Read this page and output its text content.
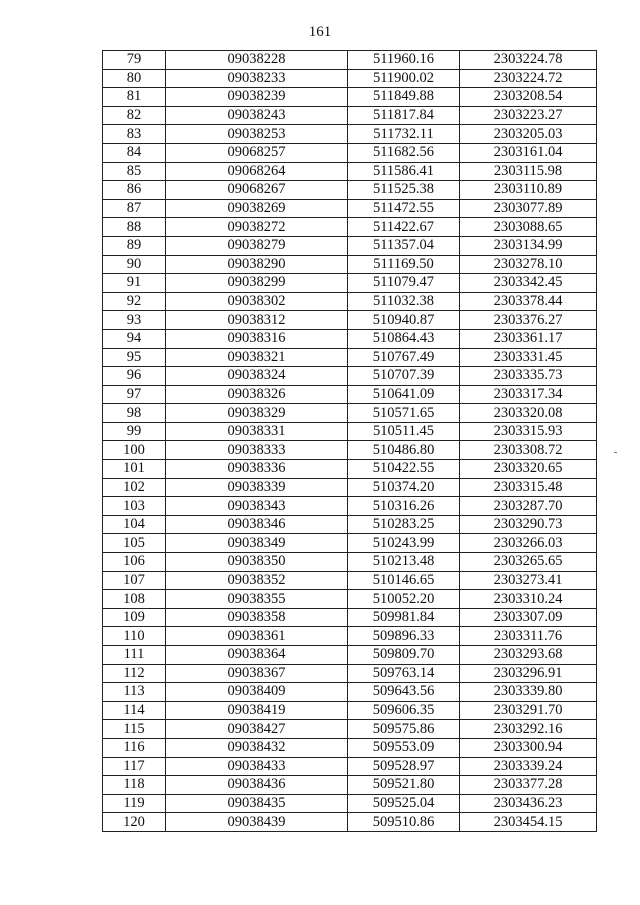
161
79	09038228	511960.16	2303224.78
80	09038233	511900.02	2303224.72
81	09038239	511849.88	2303208.54
82	09038243	511817.84	2303223.27
83	09038253	511732.11	2303205.03
84	09068257	511682.56	2303161.04
85	09068264	511586.41	2303115.98
86	09068267	511525.38	2303110.89
87	09038269	511472.55	2303077.89
88	09038272	511422.67	2303088.65
89	09038279	511357.04	2303134.99
90	09038290	511169.50	2303278.10
91	09038299	511079.47	2303342.45
92	09038302	511032.38	2303378.44
93	09038312	510940.87	2303376.27
94	09038316	510864.43	2303361.17
95	09038321	510767.49	2303331.45
96	09038324	510707.39	2303335.73
97	09038326	510641.09	2303317.34
98	09038329	510571.65	2303320.08
99	09038331	510511.45	2303315.93
100	09038333	510486.80	2303308.72
101	09038336	510422.55	2303320.65
102	09038339	510374.20	2303315.48
103	09038343	510316.26	2303287.70
104	09038346	510283.25	2303290.73
105	09038349	510243.99	2303266.03
106	09038350	510213.48	2303265.65
107	09038352	510146.65	2303273.41
108	09038355	510052.20	2303310.24
109	09038358	509981.84	2303307.09
110	09038361	509896.33	2303311.76
111	09038364	509809.70	2303293.68
112	09038367	509763.14	2303296.91
113	09038409	509643.56	2303339.80
114	09038419	509606.35	2303291.70
115	09038427	509575.86	2303292.16
116	09038432	509553.09	2303300.94
117	09038433	509528.97	2303339.24
118	09038436	509521.80	2303377.28
119	09038435	509525.04	2303436.23
120	09038439	509510.86	2303454.15
